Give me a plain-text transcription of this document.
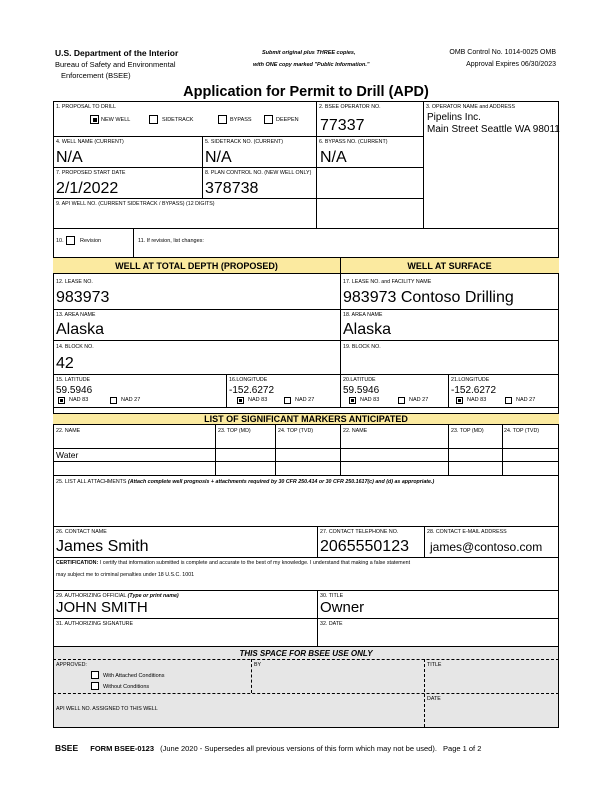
U.S. Department of the Interior
Bureau of Safety and Environmental
Enforcement (BSEE)
Submit original plus THREE copies,
with ONE copy marked "Public Information."
OMB Control No. 1014-0025 OMB
Approval Expires 06/30/2023
Application for Permit to Drill (APD)
1. PROPOSAL TO DRILL
NEW WELL	SIDETRACK	BYPASS	DEEPEN
2. BSEE OPERATOR NO.
77337
3. OPERATOR NAME and ADDRESS
Pipelins Inc.
Main Street Seattle WA 98011
4. WELL NAME (CURRENT)
N/A
5. SIDETRACK NO. (CURRENT)
N/A
6. BYPASS NO. (CURRENT)
N/A
7. PROPOSED START DATE
2/1/2022
8. PLAN CONTROL NO. (NEW WELL ONLY)
378738
9. API WELL NO. (CURRENT SIDETRACK / BYPASS) (12 DIGITS)
10.	Revision	11. If revision, list changes:
WELL AT TOTAL DEPTH (PROPOSED)	WELL AT SURFACE
12. LEASE NO.
983973
13. AREA NAME
Alaska
14. BLOCK NO.
42
15. LATITUDE
59.5946
NAD 83	NAD 27
16.LONGITUDE
-152.6272
NAD 83	NAD 27
17. LEASE NO. and FACILITY NAME
983973 Contoso Drilling
18. AREA NAME
Alaska
19. BLOCK NO.
20.LATITUDE
59.5946
NAD 83	NAD 27
21.LONGITUDE
-152.6272
NAD 83	NAD 27
LIST OF SIGNIFICANT MARKERS ANTICIPATED
22. NAME	23. TOP (MD)	24. TOP (TVD)	22. NAME	23. TOP (MD)	24. TOP (TVD)
Water
25. LIST ALL ATTACHMENTS (Attach complete well prognosis + attachments required by 30 CFR 250.414 or 30 CFR 250.1617(c) and (d) as appropriate.)
26. CONTACT NAME
James Smith
27. CONTACT TELEPHONE NO.
2065550123
28. CONTACT E-MAIL ADDRESS
james@contoso.com
CERTIFICATION: I certify that information submitted is complete and accurate to the best of my knowledge. I understand that making a false statement
may subject me to criminal penalties under 18 U.S.C. 1001
29. AUTHORIZING OFFICIAL (Type or print name)
JOHN SMITH
30. TITLE
Owner
31. AUTHORIZING SIGNATURE	32. DATE
THIS SPACE FOR BSEE USE ONLY
APPROVED:
With Attached Conditions
Without Conditions
BY	TITLE
DATE
API WELL NO. ASSIGNED TO THIS WELL
BSEE FORM BSEE-0123 (June 2020 - Supersedes all previous versions of this form which may not be used). Page 1 of 2
